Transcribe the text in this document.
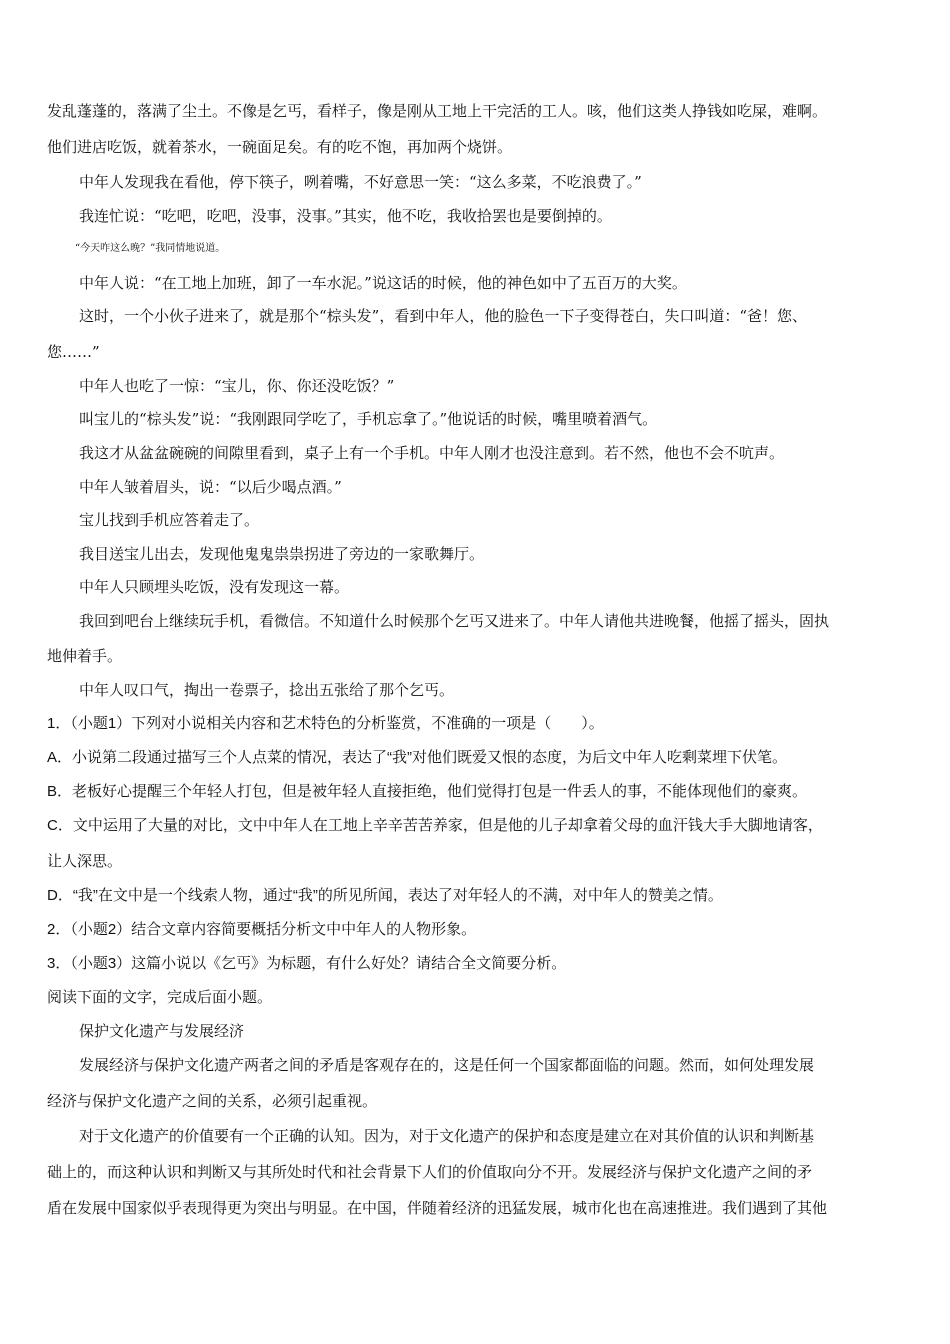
发乱蓬蓬的，落满了尘土。不像是乞丐，看样子，像是刚从工地上干完活的工人。咳，他们这类人挣钱如吃屎，难啊。
他们进店吃饭，就着茶水，一碗面足矣。有的吃不饱，再加两个烧饼。
中年人发现我在看他，停下筷子，咧着嘴，不好意思一笑：“这么多菜，不吃浪费了。”
我连忙说：“吃吧，吃吧，没事，没事。”其实，他不吃，我收拾罢也是要倒掉的。
“今天咋这么晚？”我同情地说道。
中年人说：“在工地上加班，卸了一车水泥。”说这话的时候，他的神色如中了五百万的大奖。
这时，一个小伙子进来了，就是那个“棕头发”，看到中年人，他的脸色一下子变得苍白，失口叫道：“爸！您、
您……”
中年人也吃了一惊：“宝儿，你、你还没吃饭？”
叫宝儿的“棕头发”说：“我刚跟同学吃了，手机忘拿了。”他说话的时候，嘴里喷着酒气。
我这才从盆盆碗碗的间隙里看到，桌子上有一个手机。中年人刚才也没注意到。若不然，他也不会不吭声。
中年人皱着眉头，说：“以后少喝点酒。”
宝儿找到手机应答着走了。
我目送宝儿出去，发现他鬼鬼祟祟拐进了旁边的一家歌舞厅。
中年人只顾埋头吃饭，没有发现这一幕。
我回到吧台上继续玩手机，看微信。不知道什么时候那个乞丐又进来了。中年人请他共进晚餐，他摇了摇头，固执
地伸着手。
中年人叹口气，掏出一卷票子，捻出五张给了那个乞丐。
1．（小题1）下列对小说相关内容和艺术特色的分析鉴赏，不准确的一项是（　　）。
A．小说第二段通过描写三个人点菜的情况，表达了“我”对他们既爱又恨的态度，为后文中年人吃剩菜埋下伏笔。
B．老板好心提醒三个年轻人打包，但是被年轻人直接拒绝，他们觉得打包是一件丢人的事，不能体现他们的豪爽。
C．文中运用了大量的对比，文中中年人在工地上辛辛苦苦养家，但是他的儿子却拿着父母的血汗钱大手大脚地请客，
让人深思。
D．“我”在文中是一个线索人物，通过“我”的所见所闻，表达了对年轻人的不满，对中年人的赞美之情。
2．（小题2）结合文章内容简要概括分析文中中年人的人物形象。
3．（小题3）这篇小说以《乞丐》为标题，有什么好处？请结合全文简要分析。
阅读下面的文字，完成后面小题。
保护文化遗产与发展经济
发展经济与保护文化遗产两者之间的矛盾是客观存在的，这是任何一个国家都面临的问题。然而，如何处理发展
经济与保护文化遗产之间的关系，必须引起重视。
对于文化遗产的价值要有一个正确的认知。因为，对于文化遗产的保护和态度是建立在对其价值的认识和判断基
础上的，而这种认识和判断又与其所处时代和社会背景下人们的价值取向分不开。发展经济与保护文化遗产之间的矛
盾在发展中国家似乎表现得更为突出与明显。在中国，伴随着经济的迅猛发展，城市化也在高速推进。我们遇到了其他
